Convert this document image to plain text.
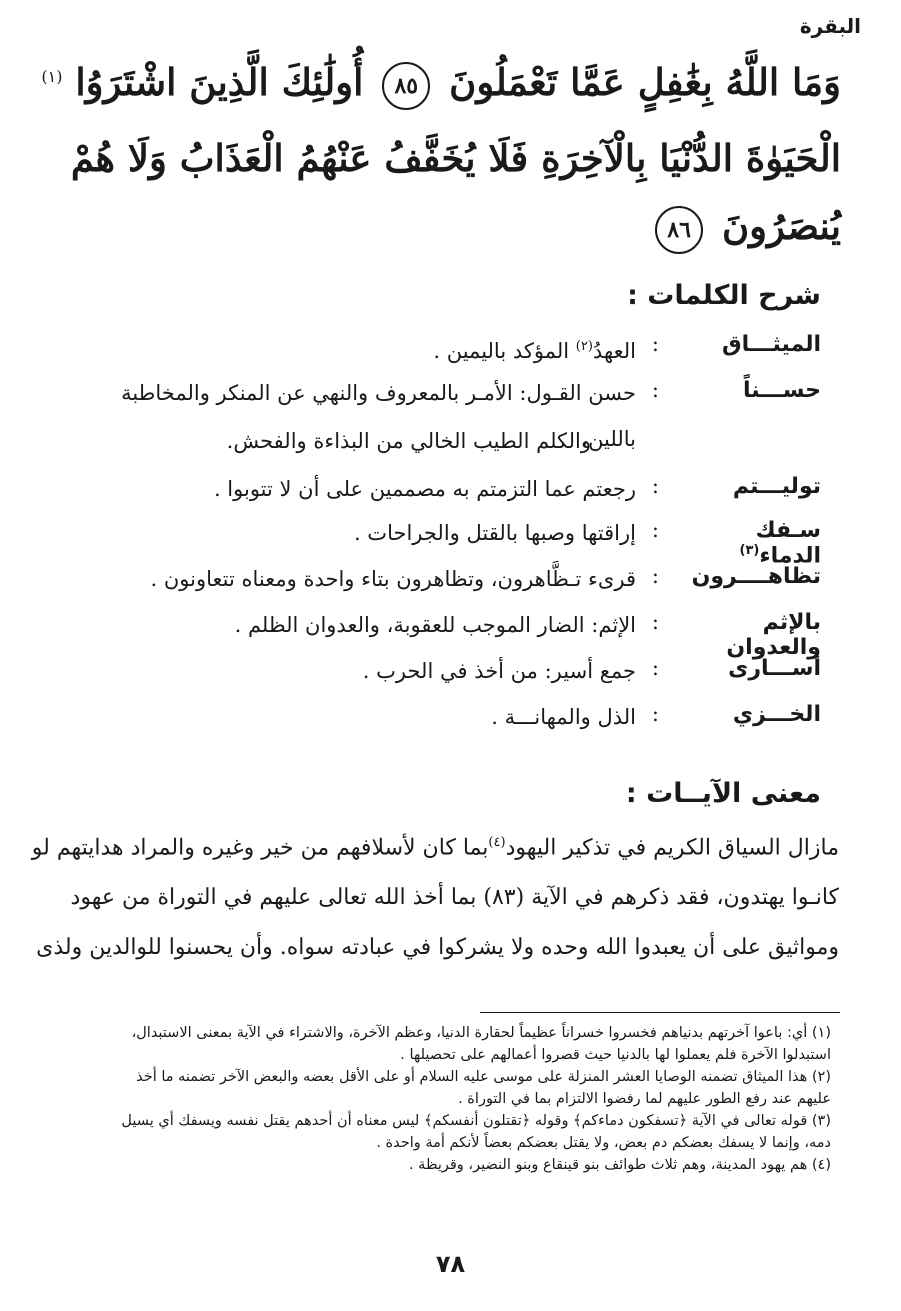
البقرة
وَمَا اللَّهُ بِغَٰفِلٍ عَمَّا تَعْمَلُونَ ٨٥ أُولَٰئِكَ الَّذِينَ اشْتَرَوُا $^{(١)}$
الْحَيَوٰةَ الدُّنْيَا بِالْآخِرَةِ فَلَا يُخَفَّفُ عَنْهُمُ الْعَذَابُ وَلَا هُمْ
يُنصَرُونَ ٨٦
شرح الكلمات :
الميثـــاق
:
العهدُ$^{(٢)}$ المؤكد باليمين .
حســـناً
:
حسن القـول: الأمـر بالمعروف والنهي عن المنكر والمخاطبة باللين،
والكلم الطيب الخالي من البذاءة والفحش.
توليـــتم
:
رجعتم عما التزمتم به مصممين على أن لا تتوبوا .
سـفك الدماء$^{(٣)}$
:
إراقتها وصبها بالقتل والجراحات .
تظاهــــرون
:
قرىء تـظَّاهرون، وتظاهرون بتاء واحدة ومعناه تتعاونون .
بالإثم والعدوان
:
الإثم: الضار الموجب للعقوبة، والعدوان الظلم .
أســـارى
:
جمع أسير: من أخذ في الحرب .
الخـــزي
:
الذل والمهانـــة .
معنى الآيــات :

مازال السياق الكريم في تذكير اليهود$^{(٤)}$بما كان لأسلافهم من خير وغيره والمراد هدايتهم لو

كانـوا يهتدون، فقد ذكرهم في الآية (٨٣) بما أخذ الله تعالى عليهم في التوراة من عهود

ومواثيق على أن يعبدوا الله وحده ولا يشركوا في عبادته سواه. وأن يحسنوا للوالدين ولذى

(١) أي: باعوا آخرتهم بدنياهم فخسروا خسراناً عظيماً لحقارة الدنيا، وعظم الآخرة، والاشتراء في الآية بمعنى الاستبدال،

استبدلوا الآخرة فلم يعملوا لها بالدنيا حيث قصروا أعمالهم على تحصيلها .

(٢) هذا الميثاق تضمنه الوصايا العشر المنزلة على موسى عليه السلام أو على الأقل بعضه والبعض الآخر تضمنه ما أخذ

عليهم عند رفع الطور عليهم لما رفضوا الالتزام بما في التوراة .

(٣) قوله تعالى في الآية ﴿تسفكون دماءكم﴾ وقوله ﴿تقتلون أنفسكم﴾ ليس معناه أن أحدهم يقتل نفسه ويسفك أي يسيل

دمه، وإنما لا يسفك بعضكم دم بعض، ولا يقتل بعضكم بعضاً لأنكم أمة واحدة .

(٤) هم يهود المدينة، وهم ثلاث طوائف بنو قينقاع وبنو النضير، وقريظة .

٧٨
